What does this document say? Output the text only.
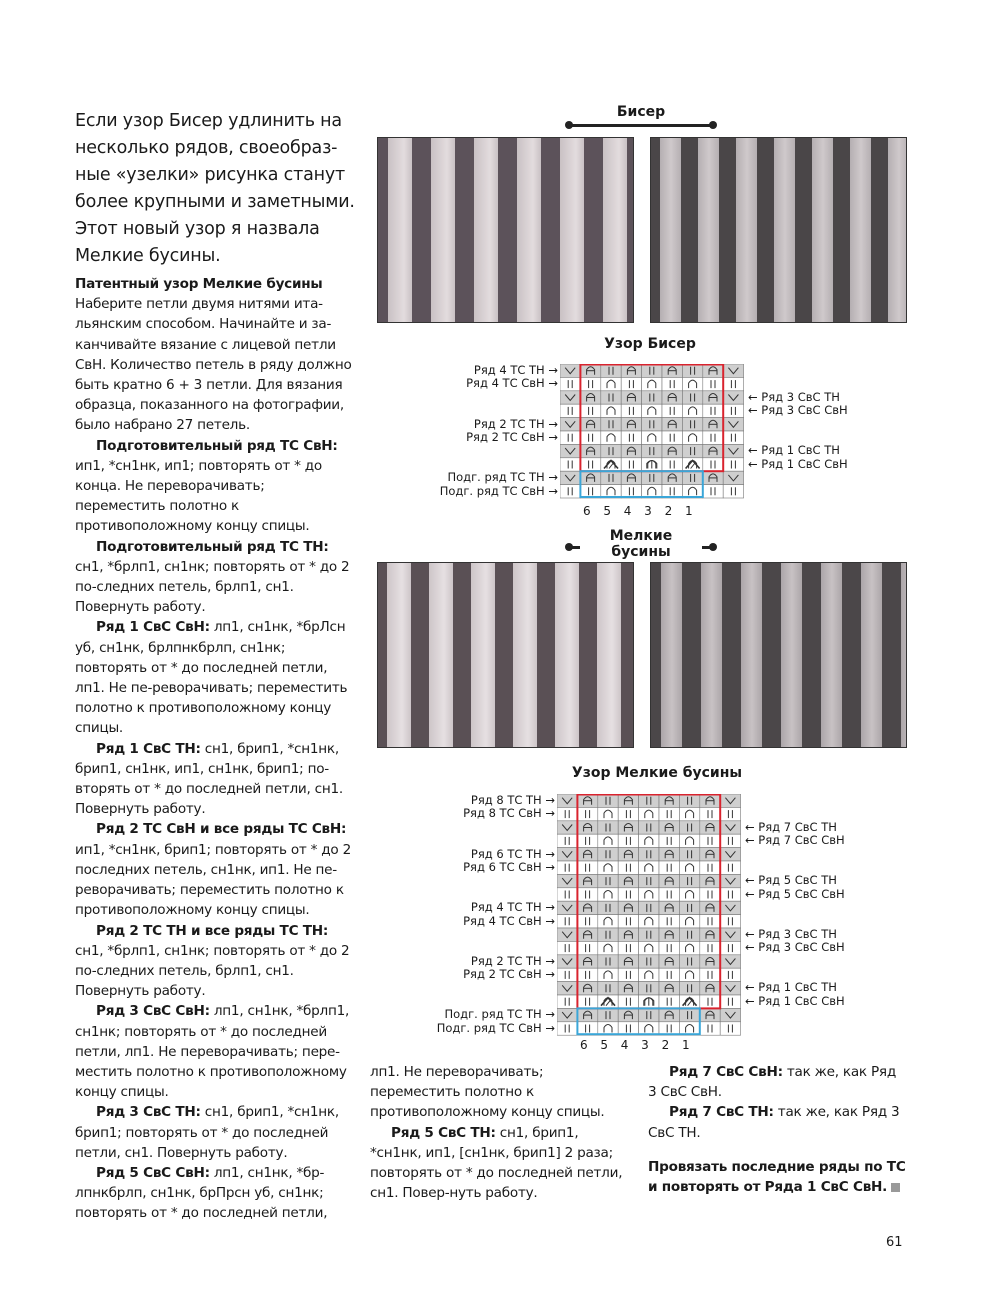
Если узор Бисер удлинить на несколько рядов, своеобраз-ные «узелки» рисунка станут более крупными и заметными. Этот новый узор я назвала Мелкие бусины.

Патентный узор Мелкие бусины

Наберите петли двумя нитями ита-льянским способом. Начинайте и за-канчивайте вязание с лицевой петли СвН. Количество петель в ряду должно быть кратно 6 + 3 петли. Для вязания образца, показанного на фотографии, было набрано 27 петель.

Подготовительный ряд ТС СвН: ип1, *сн1нк, ип1; повторять от * до конца. Не переворачивать; переместить полотно к противоположному концу спицы.

Подготовительный ряд ТС ТН: сн1, *брлп1, сн1нк; повторять от * до 2 по-следних петель, брлп1, сн1. Повернуть работу.

Ряд 1 СвС СвН: лп1, сн1нк, *брЛсн уб, сн1нк, брлпнкбрлп, сн1нк; повторять от * до последней петли, лп1. Не пе-реворачивать; переместить полотно к противоположному концу спицы.

Ряд 1 СвС ТН: сн1, брип1, *сн1нк, брип1, сн1нк, ип1, сн1нк, брип1; по-вторять от * до последней петли, сн1. Повернуть работу.

Ряд 2 ТС СвН и все ряды ТС СвН: ип1, *сн1нк, брип1; повторять от * до 2 последних петель, сн1нк, ип1. Не пе-реворачивать; переместить полотно к противоположному концу спицы.

Ряд 2 ТС ТН и все ряды ТС ТН: сн1, *брлп1, сн1нк; повторять от * до 2 по-следних петель, брлп1, сн1. Повернуть работу.

Ряд 3 СвС СвН: лп1, сн1нк, *брлп1, сн1нк; повторять от * до последней петли, лп1. Не переворачивать; пере-местить полотно к противоположному концу спицы.

Ряд 3 СвС ТН: сн1, брип1, *сн1нк, брип1; повторять от * до последней петли, сн1. Повернуть работу.

Ряд 5 СвС СвН: лп1, сн1нк, *бр-лпнкбрлп, сн1нк, брПрсн уб, сн1нк; повторять от * до последней петли,

лп1. Не переворачивать; переместить полотно к противоположному концу спицы.

Ряд 5 СвС ТН: сн1, брип1, *сн1нк, ип1, [сн1нк, брип1] 2 раза; повторять от * до последней петли, сн1. Повер-нуть работу.

Ряд 7 СвС СвН: так же, как Ряд 3 СвС СвН.

Ряд 7 СвС ТН: так же, как Ряд 3 СвС ТН.

Провязать последние ряды по ТС и повторять от Ряда 1 СвС СвН.

Бисер
Узор Бисер
Ряд 4 ТС ТН →
Ряд 4 ТС СвН →
Ряд 2 ТС ТН →
Ряд 2 ТС СвН →
Подг. ряд ТС ТН →
Подг. ряд ТС СвН →
← Ряд 3 СвС ТН
← Ряд 3 СвС СвН
← Ряд 1 СвС ТН
← Ряд 1 СвС СвН
6 5 4 3 2 1
Мелкие бусины
Узор Мелкие бусины
Ряд 8 ТС ТН →
Ряд 8 ТС СвН →
Ряд 6 ТС ТН →
Ряд 6 ТС СвН →
Ряд 4 ТС ТН →
Ряд 4 ТС СвН →
Ряд 2 ТС ТН →
Ряд 2 ТС СвН →
Подг. ряд ТС ТН →
Подг. ряд ТС СвН →
← Ряд 7 СвС ТН
← Ряд 7 СвС СвН
← Ряд 5 СвС ТН
← Ряд 5 СвС СвН
← Ряд 3 СвС ТН
← Ряд 3 СвС СвН
← Ряд 1 СвС ТН
← Ряд 1 СвС СвН
6 5 4 3 2 1
61
